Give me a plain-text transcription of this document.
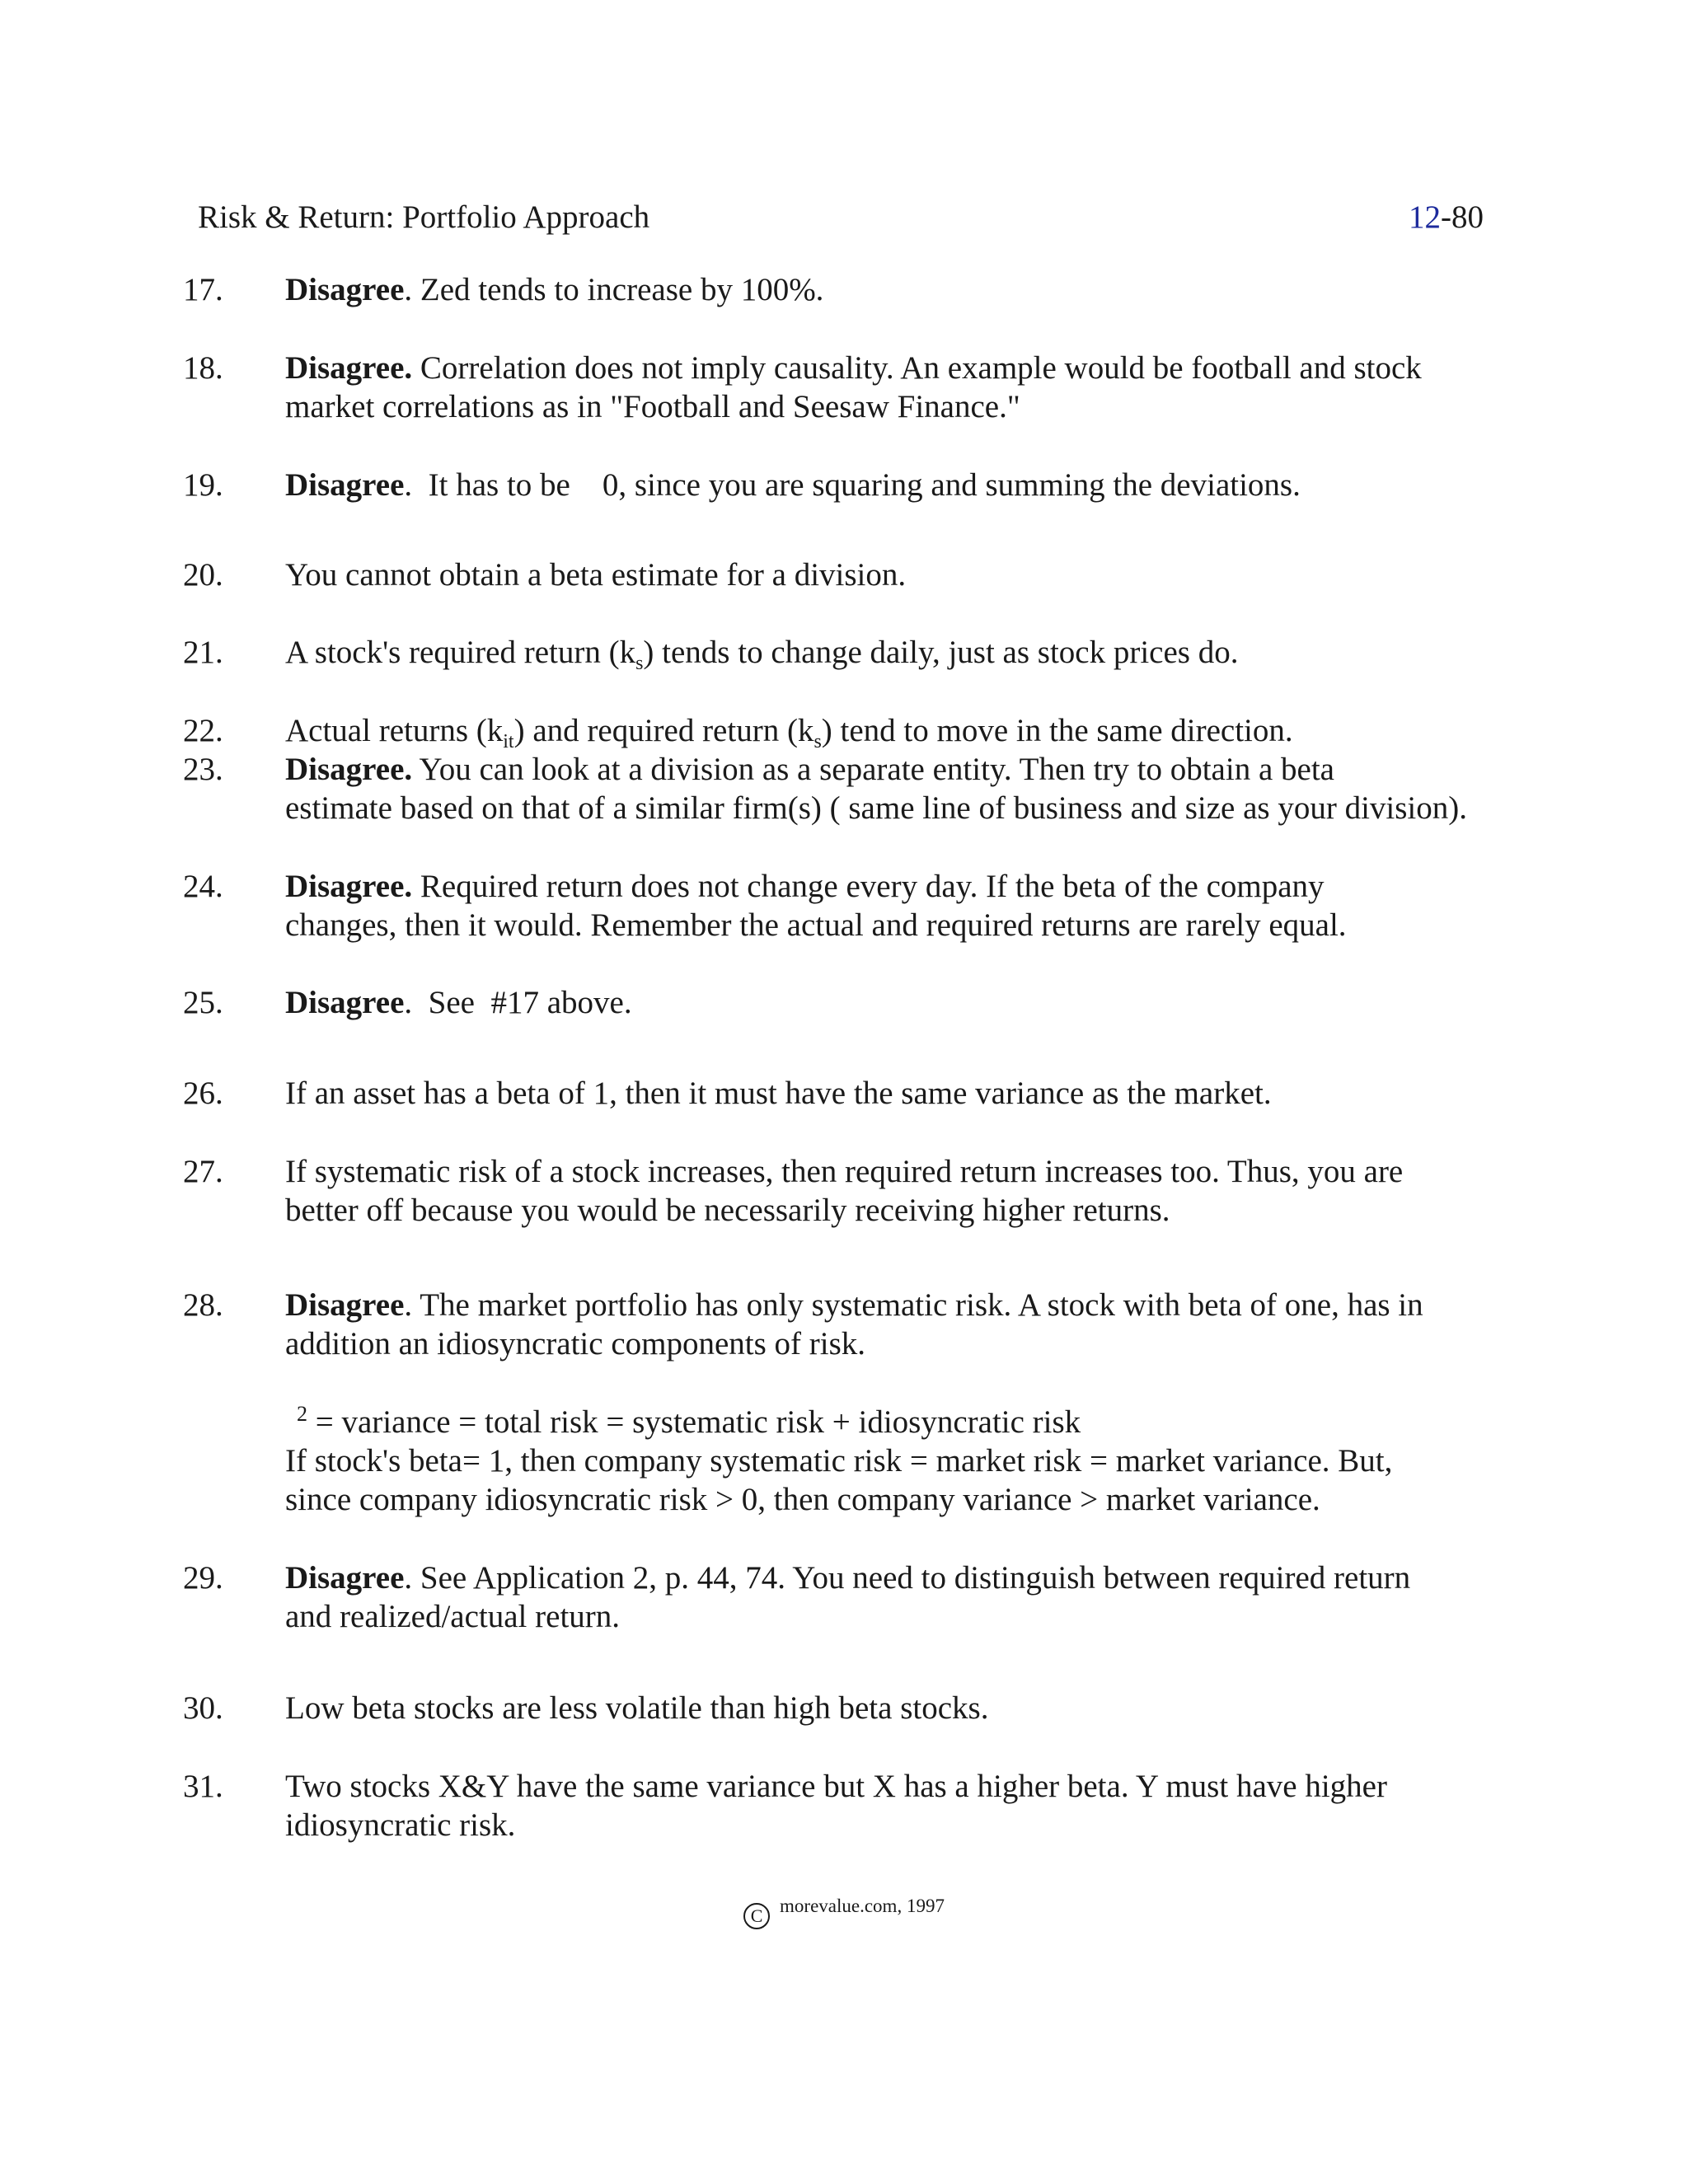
Risk & Return: Portfolio Approach	12-80
17.	Disagree. Zed tends to increase by 100%.
18.	Disagree. Correlation does not imply causality. An example would be football and stock
market correlations as in "Football and Seesaw Finance."
19.	Disagree.  It has to be    0, since you are squaring and summing the deviations.
20.	You cannot obtain a beta estimate for a division.
21.	A stock's required return $(k_s)$ tends to change daily, just as stock prices do.
22.	Actual returns $(k_{it})$ and required return $(k_s)$ tend to move in the same direction.
23.	Disagree. You can look at a division as a separate entity. Then try to obtain a beta
estimate based on that of a similar firm(s) ( same line of business and size as your division).
24.	Disagree. Required return does not change every day. If the beta of the company
changes, then it would. Remember the actual and required returns are rarely equal.
25.	Disagree.  See  #17 above.
26.	If an asset has a beta of 1, then it must have the same variance as the market.
27.	If systematic risk of a stock increases, then required return increases too. Thus, you are
better off because you would be necessarily receiving higher returns.
28.	Disagree. The market portfolio has only systematic risk. A stock with beta of one, has in
addition an idiosyncratic components of risk.
$^2$ = variance = total risk = systematic risk + idiosyncratic risk
If stock's beta= 1, then company systematic risk = market risk = market variance. But,
since company idiosyncratic risk > 0, then company variance > market variance.
29.	Disagree. See Application 2, p. 44, 74. You need to distinguish between required return
and realized/actual return.
30.	Low beta stocks are less volatile than high beta stocks.
31.	Two stocks X&Y have the same variance but X has a higher beta. Y must have higher
idiosyncratic risk.
C morevalue.com, 1997
